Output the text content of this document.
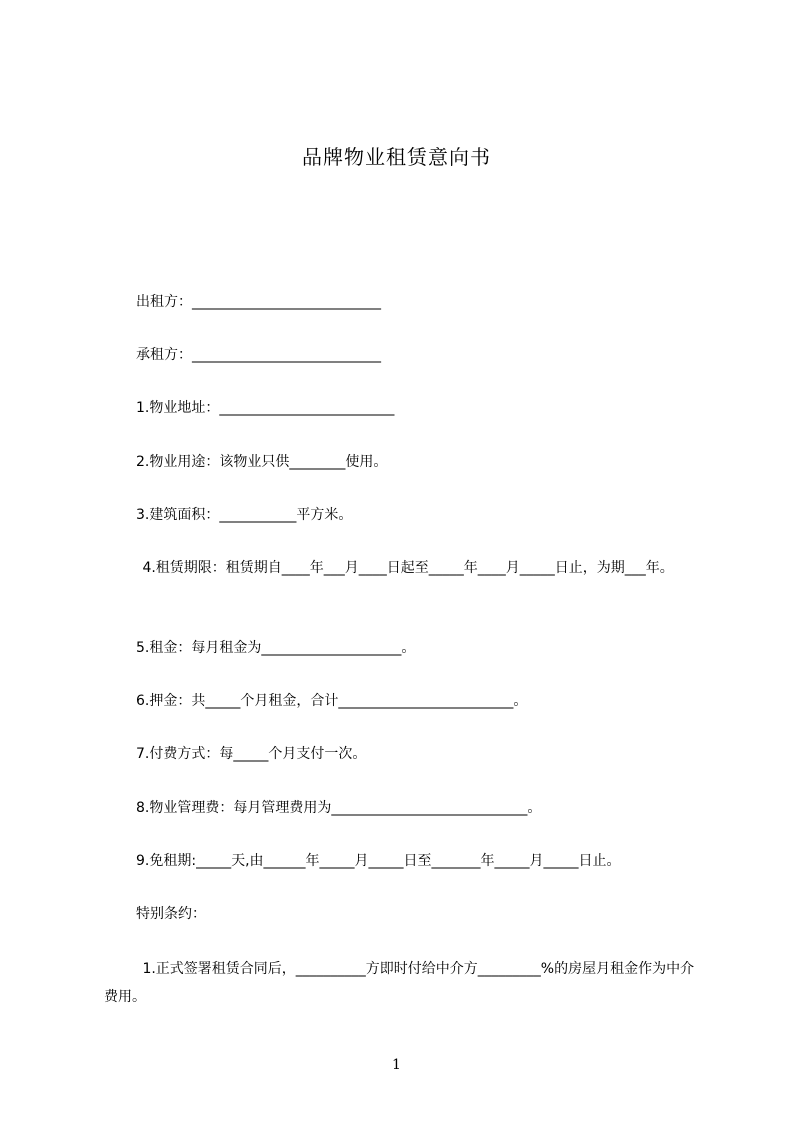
品牌物业租赁意向书
出租方：___________________________
承租方：___________________________
1.物业地址：_________________________
2.物业用途：该物业只供________使用。
3.建筑面积：___________平方米。
4.租赁期限：租赁期自____年___月____日起至_____年____月_____日止，为期___年。
5.租金：每月租金为____________________。
6.押金：共_____个月租金，合计_________________________。
7.付费方式：每_____个月支付一次。
8.物业管理费：每月管理费用为____________________________。
9.免租期:_____天,由______年_____月_____日至_______年_____月_____日止。
特别条约：
1.正式签署租赁合同后，__________方即时付给中介方_________%的房屋月租金作为中介费用。
1
